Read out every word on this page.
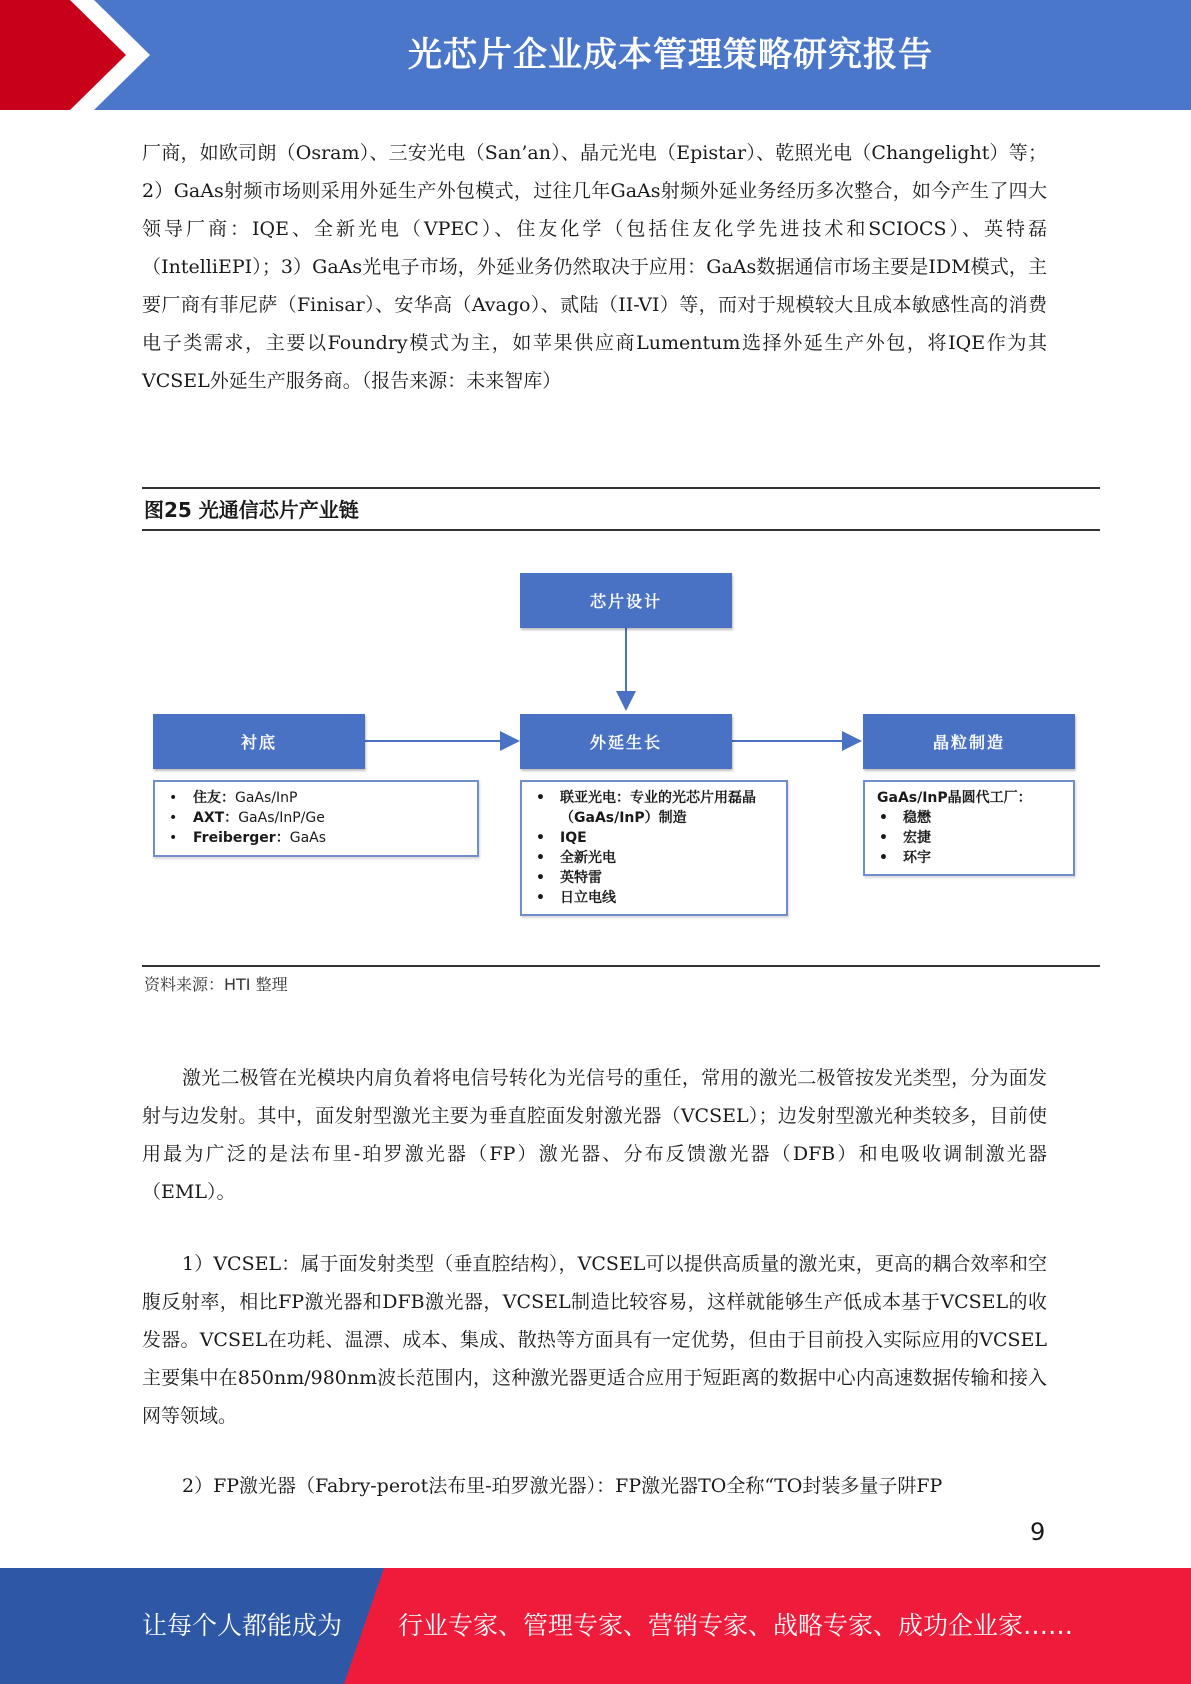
光芯片企业成本管理策略研究报告

厂商，如欧司朗（Osram）、三安光电（San’an）、晶元光电（Epistar）、乾照光电（Changelight）等；2）GaAs射频市场则采用外延生产外包模式，过往几年GaAs射频外延业务经历多次整合，如今产生了四大领导厂商：IQE、全新光电（VPEC）、住友化学（包括住友化学先进技术和SCIOCS）、英特磊（IntelliEPI）；3）GaAs光电子市场，外延业务仍然取决于应用：GaAs数据通信市场主要是IDM模式，主要厂商有菲尼萨（Finisar）、安华高（Avago）、贰陆（II-VI）等，而对于规模较大且成本敏感性高的消费电子类需求，主要以Foundry模式为主，如苹果供应商Lumentum选择外延生产外包，将IQE作为其VCSEL外延生产服务商。（报告来源：未来智库）

图25 光通信芯片产业链
芯片设计
衬底	外延生长	晶粒制造
• 住友：GaAs/InP
• AXT：GaAs/InP/Ge
• Freiberger：GaAs
• 联亚光电：专业的光芯片用磊晶（GaAs/InP）制造
• IQE
• 全新光电
• 英特雷
• 日立电线
GaAs/InP晶圆代工厂：
• 稳懋
• 宏捷
• 环宇
资料来源：HTI 整理

激光二极管在光模块内肩负着将电信号转化为光信号的重任，常用的激光二极管按发光类型，分为面发射与边发射。其中，面发射型激光主要为垂直腔面发射激光器（VCSEL）；边发射型激光种类较多，目前使用最为广泛的是法布里-珀罗激光器（FP）激光器、分布反馈激光器（DFB）和电吸收调制激光器（EML）。

1）VCSEL：属于面发射类型（垂直腔结构），VCSEL可以提供高质量的激光束，更高的耦合效率和空腹反射率，相比FP激光器和DFB激光器，VCSEL制造比较容易，这样就能够生产低成本基于VCSEL的收发器。VCSEL在功耗、温漂、成本、集成、散热等方面具有一定优势，但由于目前投入实际应用的VCSEL主要集中在850nm/980nm波长范围内，这种激光器更适合应用于短距离的数据中心内高速数据传输和接入网等领域。

2）FP激光器（Fabry-perot法布里-珀罗激光器）：FP激光器TO全称“TO封装多量子阱FP

9
让每个人都能成为 行业专家、管理专家、营销专家、战略专家、成功企业家……
